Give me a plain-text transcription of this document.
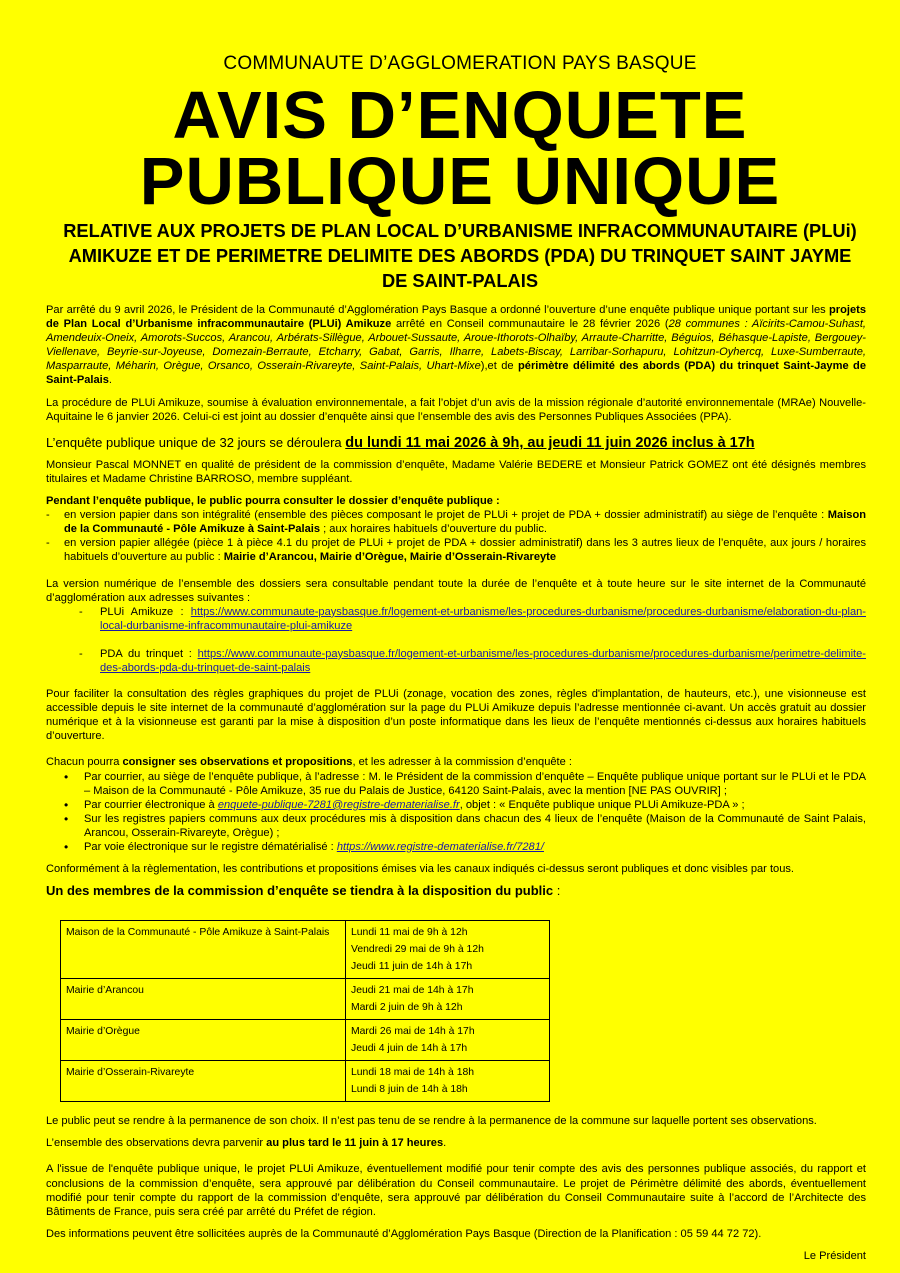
COMMUNAUTE D’AGGLOMERATION PAYS BASQUE
AVIS D’ENQUETE
PUBLIQUE UNIQUE
RELATIVE AUX PROJETS DE PLAN LOCAL D’URBANISME INFRACOMMUNAUTAIRE (PLUi) AMIKUZE ET DE PERIMETRE DELIMITE DES ABORDS (PDA) DU TRINQUET SAINT JAYME DE SAINT-PALAIS

Par arrêté du 9 avril 2026, le Président de la Communauté d’Agglomération Pays Basque a ordonné l’ouverture d’une enquête publique unique portant sur les projets de Plan Local d’Urbanisme infracommunautaire (PLUi) Amikuze arrêté en Conseil communautaire le 28 février 2026 (28 communes : Aïcirits-Camou-Suhast, Amendeuix-Oneix, Amorots-Succos, Arancou, Arbérats-Sillègue, Arbouet-Sussaute, Aroue-Ithorots-Olhaïby, Arraute-Charritte, Béguios, Béhasque-Lapiste, Bergouey-Viellenave, Beyrie-sur-Joyeuse, Domezain-Berraute, Etcharry, Gabat, Garris, Ilharre, Labets-Biscay, Larribar-Sorhapuru, Lohitzun-Oyhercq, Luxe-Sumberraute, Masparraute, Méharin, Orègue, Orsanco, Osserain-Rivareyte, Saint-Palais, Uhart-Mixe),et de périmètre délimité des abords (PDA) du trinquet Saint-Jayme de Saint-Palais.

La procédure de PLUi Amikuze, soumise à évaluation environnementale, a fait l’objet d’un avis de la mission régionale d’autorité environnementale (MRAe) Nouvelle-Aquitaine le 6 janvier 2026. Celui-ci est joint au dossier d’enquête ainsi que l’ensemble des avis des Personnes Publiques Associées (PPA).

L’enquête publique unique de 32 jours se déroulera du lundi 11 mai 2026 à 9h, au jeudi 11 juin 2026 inclus à 17h

Monsieur Pascal MONNET en qualité de président de la commission d’enquête, Madame Valérie BEDERE et Monsieur Patrick GOMEZ ont été désignés membres titulaires et Madame Christine BARROSO, membre suppléant.

Pendant l’enquête publique, le public pourra consulter le dossier d’enquête publique :

- en version papier dans son intégralité (ensemble des pièces composant le projet de PLUi + projet de PDA + dossier administratif) au siège de l’enquête : Maison de la Communauté - Pôle Amikuze à Saint-Palais ; aux horaires habituels d’ouverture du public.
- en version papier allégée (pièce 1 à pièce 4.1 du projet de PLUi + projet de PDA + dossier administratif) dans les 3 autres lieux de l’enquête, aux jours / horaires habituels d’ouverture au public : Mairie d’Arancou, Mairie d’Orègue, Mairie d’Osserain-Rivareyte

La version numérique de l’ensemble des dossiers sera consultable pendant toute la durée de l’enquête et à toute heure sur le site internet de la Communauté d’agglomération aux adresses suivantes :

- PLUi Amikuze : https://www.communaute-paysbasque.fr/logement-et-urbanisme/les-procedures-durbanisme/procedures-durbanisme/elaboration-du-plan-local-durbanisme-infracommunautaire-plui-amikuze
- PDA du trinquet : https://www.communaute-paysbasque.fr/logement-et-urbanisme/les-procedures-durbanisme/procedures-durbanisme/perimetre-delimite-des-abords-pda-du-trinquet-de-saint-palais

Pour faciliter la consultation des règles graphiques du projet de PLUi (zonage, vocation des zones, règles d'implantation, de hauteurs, etc.), une visionneuse est accessible depuis le site internet de la communauté d’agglomération sur la page du PLUi Amikuze depuis l’adresse mentionnée ci-avant. Un accès gratuit au dossier numérique et à la visionneuse est garanti par la mise à disposition d’un poste informatique dans les lieux de l’enquête mentionnés ci-dessus aux horaires habituels d’ouverture.

Chacun pourra consigner ses observations et propositions, et les adresser à la commission d’enquête :

• Par courrier, au siège de l’enquête publique, à l’adresse : M. le Président de la commission d’enquête – Enquête publique unique portant sur le PLUi et le PDA – Maison de la Communauté - Pôle Amikuze, 35 rue du Palais de Justice, 64120 Saint-Palais, avec la mention [NE PAS OUVRIR] ;
• Par courrier électronique à enquete-publique-7281@registre-dematerialise.fr, objet : « Enquête publique unique PLUi Amikuze-PDA » ;
• Sur les registres papiers communs aux deux procédures mis à disposition dans chacun des 4 lieux de l’enquête (Maison de la Communauté de Saint Palais, Arancou, Osserain-Rivareyte, Orègue) ;
• Par voie électronique sur le registre dématérialisé : https://www.registre-dematerialise.fr/7281/

Conformément à la règlementation, les contributions et propositions émises via les canaux indiqués ci-dessus seront publiques et donc visibles par tous.

Un des membres de la commission d’enquête se tiendra à la disposition du public :

Maison de la Communauté - Pôle Amikuze à Saint-Palais	Lundi 11 mai de 9h à 12h
Vendredi 29 mai de 9h à 12h
Jeudi 11 juin de 14h à 17h

Mairie d’Arancou	Jeudi 21 mai de 14h à 17h
Mardi 2 juin de 9h à 12h

Mairie d’Orègue	Mardi 26 mai de 14h à 17h
Jeudi 4 juin de 14h à 17h

Mairie d’Osserain-Rivareyte	Lundi 18 mai de 14h à 18h
Lundi 8 juin de 14h à 18h

Le public peut se rendre à la permanence de son choix. Il n’est pas tenu de se rendre à la permanence de la commune sur laquelle portent ses observations.

L’ensemble des observations devra parvenir au plus tard le 11 juin à 17 heures.

A l'issue de l'enquête publique unique, le projet PLUi Amikuze, éventuellement modifié pour tenir compte des avis des personnes publique associés, du rapport et conclusions de la commission d’enquête, sera approuvé par délibération du Conseil communautaire. Le projet de Périmètre délimité des abords, éventuellement modifié pour tenir compte du rapport de la commission d’enquête, sera approuvé par délibération du Conseil Communautaire suite à l’accord de l’Architecte des Bâtiments de France, puis sera créé par arrêté du Préfet de région.

Des informations peuvent être sollicitées auprès de la Communauté d’Agglomération Pays Basque (Direction de la Planification : 05 59 44 72 72).

Le Président
